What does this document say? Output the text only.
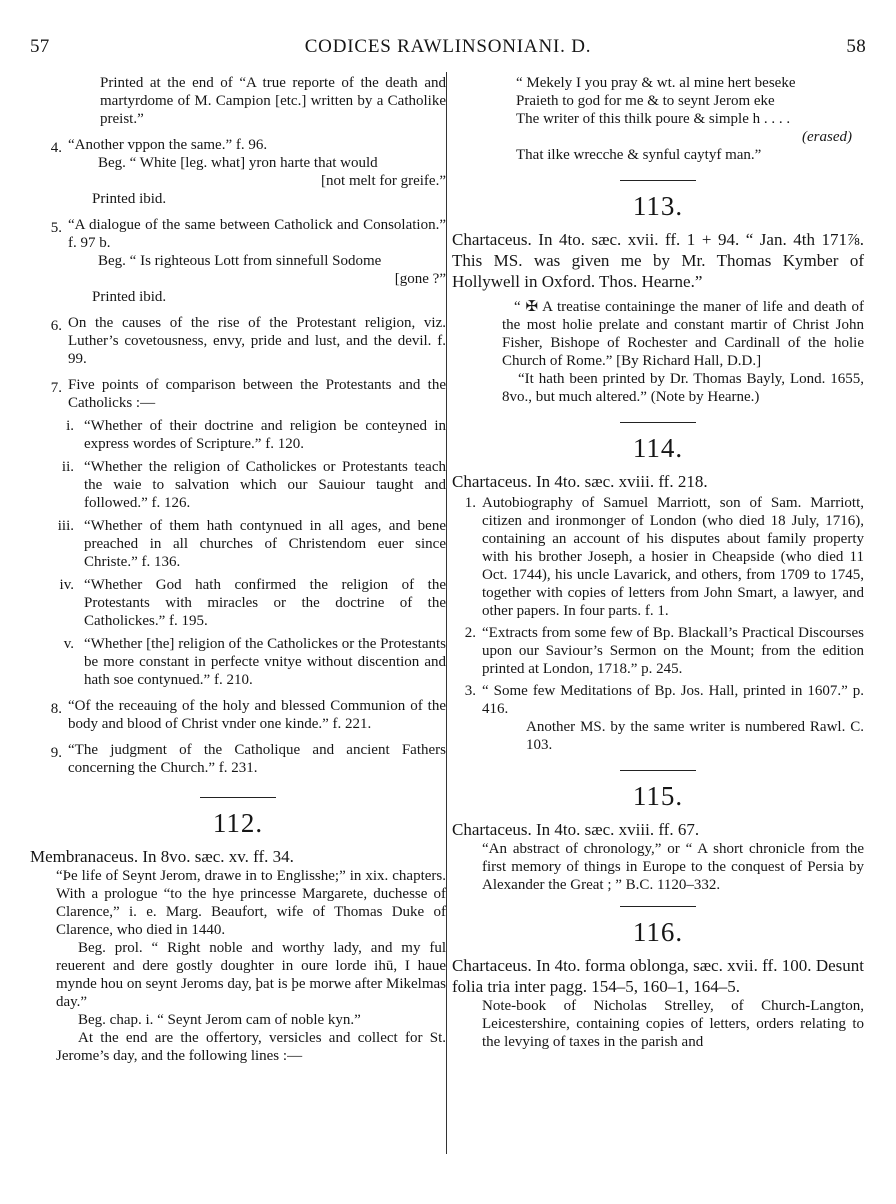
57	CODICES RAWLINSONIANI. D.	58

Printed at the end of “A true reporte of the death and martyrdome of M. Campion [etc.] written by a Catholike preist.”

4. “Another vppon the same.” f. 96.

Beg. “ White [leg. what] yron harte that would

[not melt for greife.”

Printed ibid.

5. “A dialogue of the same between Catholick and Consolation.” f. 97 b.

Beg. “ Is righteous Lott from sinnefull Sodome

[gone ?”

Printed ibid.

6. On the causes of the rise of the Protestant religion, viz. Luther’s covetousness, envy, pride and lust, and the devil. f. 99.

7. Five points of comparison between the Protestants and the Catholicks :—

i. “Whether of their doctrine and religion be conteyned in express wordes of Scripture.” f. 120.

ii. “Whether the religion of Catholickes or Protestants teach the waie to salvation which our Sauiour taught and followed.” f. 126.

iii. “Whether of them hath contynued in all ages, and bene preached in all churches of Christendom euer since Christe.” f. 136.

iv. “Whether God hath confirmed the religion of the Protestants with miracles or the doctrine of the Catholickes.” f. 195.

v. “Whether [the] religion of the Catholickes or the Protestants be more constant in perfecte vnitye without discention and hath soe contynued.” f. 210.

8. “Of the receauing of the holy and blessed Communion of the body and blood of Christ vnder one kinde.” f. 221.

9. “The judgment of the Catholique and ancient Fathers concerning the Church.” f. 231.

112.

Membranaceus. In 8vo. sæc. xv. ff. 34.

“Þe life of Seynt Jerom, drawe in to Englisshe;” in xix. chapters. With a prologue “to the hye princesse Margarete, duchesse of Clarence,” i. e. Marg. Beaufort, wife of Thomas Duke of Clarence, who died in 1440.

Beg. prol. “ Right noble and worthy lady, and my ful reuerent and dere gostly doughter in oure lorde ihū, I haue mynde hou on seynt Jeroms day, þat is þe morwe after Mikelmas day.”

Beg. chap. i. “ Seynt Jerom cam of noble kyn.”

At the end are the offertory, versicles and collect for St. Jerome’s day, and the following lines :—

“ Mekely I you pray & wt. al mine hert beseke

Praieth to god for me & to seynt Jerom eke

The writer of this thilk poure & simple h . . . .

(erased)

That ilke wrecche & synful caytyf man.”

113.

Chartaceus. In 4to. sæc. xvii. ff. 1 + 94. “ Jan. 4th 171⅞. This MS. was given me by Mr. Thomas Kymber of Hollywell in Oxford. Thos. Hearne.”

“ ✠ A treatise containinge the maner of life and death of the most holie prelate and constant martir of Christ John Fisher, Bishope of Rochester and Cardinall of the holie Church of Rome.” [By Richard Hall, D.D.]

“It hath been printed by Dr. Thomas Bayly, Lond. 1655, 8vo., but much altered.” (Note by Hearne.)

114.

Chartaceus. In 4to. sæc. xviii. ff. 218.

1. Autobiography of Samuel Marriott, son of Sam. Marriott, citizen and ironmonger of London (who died 18 July, 1716), containing an account of his disputes about family property with his brother Joseph, a hosier in Cheapside (who died 11 Oct. 1744), his uncle Lavarick, and others, from 1709 to 1745, together with copies of letters from John Smart, a lawyer, and other papers. In four parts. f. 1.

2. “Extracts from some few of Bp. Blackall’s Practical Discourses upon our Saviour’s Sermon on the Mount; from the edition printed at London, 1718.” p. 245.

3. “ Some few Meditations of Bp. Jos. Hall, printed in 1607.” p. 416.

Another MS. by the same writer is numbered Rawl. C. 103.

115.

Chartaceus. In 4to. sæc. xviii. ff. 67.

“An abstract of chronology,” or “ A short chronicle from the first memory of things in Europe to the conquest of Persia by Alexander the Great ; ” B.C. 1120–332.

116.

Chartaceus. In 4to. forma oblonga, sæc. xvii. ff. 100. Desunt folia tria inter pagg. 154–5, 160–1, 164–5.

Note-book of Nicholas Strelley, of Church-Langton, Leicestershire, containing copies of letters, orders relating to the levying of taxes in the parish and
